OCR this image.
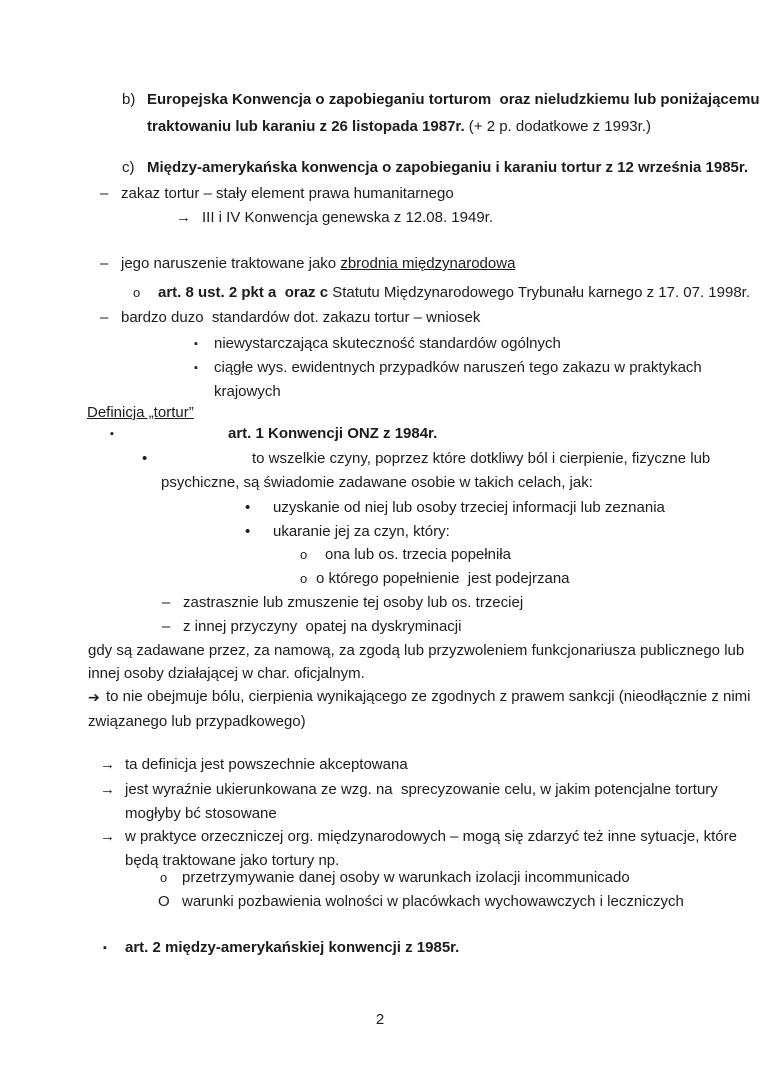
b) Europejska Konwencja o zapobieganiu torturom  oraz nieludzkiemu lub poniżającemu
traktowaniu lub karaniu z 26 listopada 1987r. (+ 2 p. dodatkowe z 1993r.)
c) Między-amerykańska konwencja o zapobieganiu i karaniu tortur z 12 września 1985r.
– zakaz tortur – stały element prawa humanitarnego
→ III i IV Konwencja genewska z 12.08. 1949r.
– jego naruszenie traktowane jako zbrodnia międzynarodowa
o art. 8 ust. 2 pkt a  oraz c Statutu Międzynarodowego Trybunału karnego z 17. 07. 1998r.
– bardzo duzo  standardów dot. zakazu tortur – wniosek
▪ niewystarczająca skuteczność standardów ogólnych
▪ ciągłe wys. ewidentnych przypadków naruszeń tego zakazu w praktykach
krajowych
Definicja „tortur”
▪	art. 1 Konwencji ONZ z 1984r.
•	to wszelkie czyny, poprzez które dotkliwy ból i cierpienie, fizyczne lub
psychiczne, są świadomie zadawane osobie w takich celach, jak:
• uzyskanie od niej lub osoby trzeciej informacji lub zeznania
• ukaranie jej za czyn, który:
o ona lub os. trzecia popełniła
o o którego popełnienie  jest podejrzana
– zastrasznie lub zmuszenie tej osoby lub os. trzeciej
– z innej przyczyny  opatej na dyskryminacji
gdy są zadawane przez, za namową, za zgodą lub przyzwoleniem funkcjonariusza publicznego lub
innej osoby działającej w char. oficjalnym.
➔ to nie obejmuje bólu, cierpienia wynikającego ze zgodnych z prawem sankcji (nieodłącznie z nimi
związanego lub przypadkowego)
→ ta definicja jest powszechnie akceptowana
→ jest wyraźnie ukierunkowana ze wzg. na  sprecyzowanie celu, w jakim potencjalne tortury
mogłyby bć stosowane
→ w praktyce orzeczniczej org. międzynarodowych – mogą się zdarzyć też inne sytuacje, które
będą traktowane jako tortury np.
o przetrzymywanie danej osoby w warunkach izolacji incommunicado
O warunki pozbawienia wolności w placówkach wychowawczych i leczniczych
▪ art. 2 między-amerykańskiej konwencji z 1985r.
2
